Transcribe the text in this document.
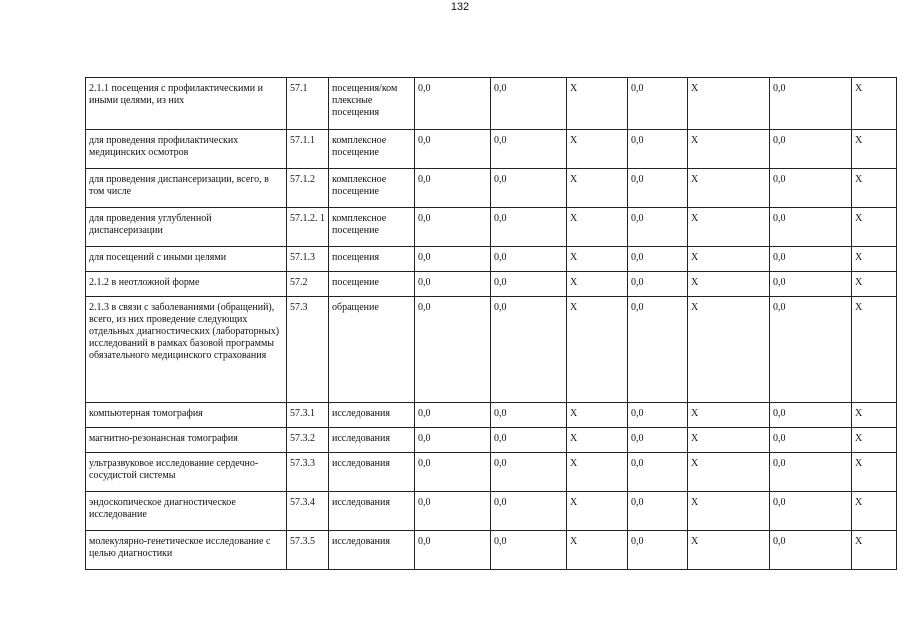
132
2.1.1 посещения с профилактическими и иными целями, из них	57.1	посещения/ком плексные посещения	0,0	0,0	X	0,0	X	0,0	X
для проведения профилактических медицинских осмотров	57.1.1	комплексное посещение	0,0	0,0	X	0,0	X	0,0	X
для проведения диспансеризации, всего, в том числе	57.1.2	комплексное посещение	0,0	0,0	X	0,0	X	0,0	X
для проведения углубленной диспансеризации	57.1.2. 1	комплексное посещение	0,0	0,0	X	0,0	X	0,0	X
для посещений с иными целями	57.1.3	посещения	0,0	0,0	X	0,0	X	0,0	X
2.1.2 в неотложной форме	57.2	посещение	0,0	0,0	X	0,0	X	0,0	X
2.1.3 в связи с заболеваниями (обращений), всего, из них проведение следующих отдельных диагностических (лабораторных) исследований в рамках базовой программы обязательного медицинского страхования	57.3	обращение	0,0	0,0	X	0,0	X	0,0	X
компьютерная томография	57.3.1	исследования	0,0	0,0	X	0,0	X	0,0	X
магнитно-резонансная томография	57.3.2	исследования	0,0	0,0	X	0,0	X	0,0	X
ультразвуковое исследование сердечно-сосудистой системы	57.3.3	исследования	0,0	0,0	X	0,0	X	0,0	X
эндоскопическое диагностическое исследование	57.3.4	исследования	0,0	0,0	X	0,0	X	0,0	X
молекулярно-генетическое исследование с целью диагностики	57.3.5	исследования	0,0	0,0	X	0,0	X	0,0	X
